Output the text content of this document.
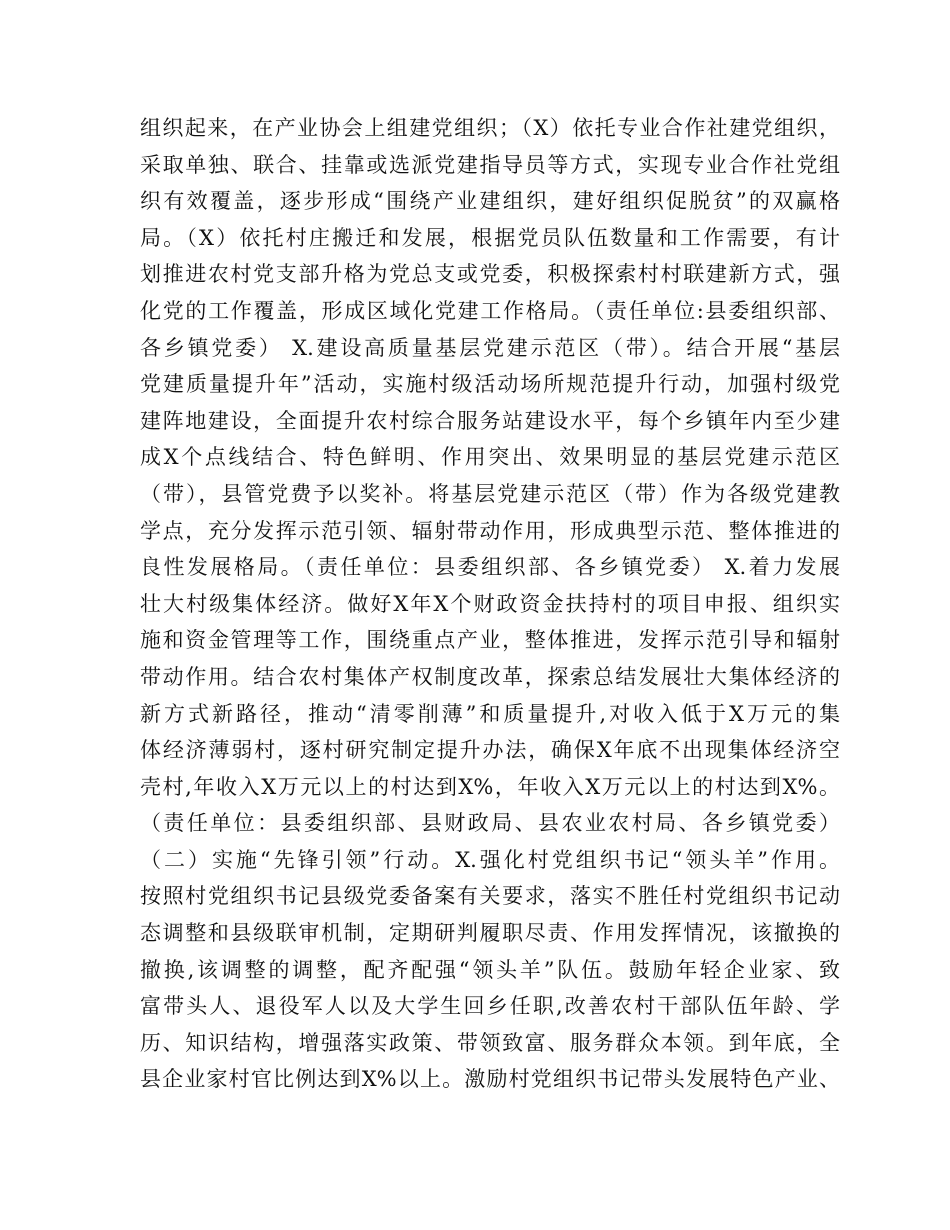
组织起来，在产业协会上组建党组织；（X）依托专业合作社建党组织，
采取单独、联合、挂靠或选派党建指导员等方式，实现专业合作社党组
织有效覆盖，逐步形成“围绕产业建组织，建好组织促脱贫”的双赢格
局。（X）依托村庄搬迁和发展，根据党员队伍数量和工作需要，有计
划推进农村党支部升格为党总支或党委，积极探索村村联建新方式，强
化党的工作覆盖，形成区域化党建工作格局。（责任单位:县委组织部、
各乡镇党委） X.建设高质量基层党建示范区（带）。结合开展“基层
党建质量提升年”活动，实施村级活动场所规范提升行动，加强村级党
建阵地建设，全面提升农村综合服务站建设水平，每个乡镇年内至少建
成X个点线结合、特色鲜明、作用突出、效果明显的基层党建示范区
（带），县管党费予以奖补。将基层党建示范区（带）作为各级党建教
学点，充分发挥示范引领、辐射带动作用，形成典型示范、整体推进的
良性发展格局。（责任单位：县委组织部、各乡镇党委） X.着力发展
壮大村级集体经济。做好X年X个财政资金扶持村的项目申报、组织实
施和资金管理等工作，围绕重点产业，整体推进，发挥示范引导和辐射
带动作用。结合农村集体产权制度改革，探索总结发展壮大集体经济的
新方式新路径，推动“清零削薄”和质量提升,对收入低于X万元的集
体经济薄弱村，逐村研究制定提升办法，确保X年底不出现集体经济空
壳村,年收入X万元以上的村达到X%，年收入X万元以上的村达到X%。
（责任单位：县委组织部、县财政局、县农业农村局、各乡镇党委）
（二）实施“先锋引领”行动。X.强化村党组织书记“领头羊”作用。
按照村党组织书记县级党委备案有关要求，落实不胜任村党组织书记动
态调整和县级联审机制，定期研判履职尽责、作用发挥情况，该撤换的
撤换,该调整的调整，配齐配强“领头羊”队伍。鼓励年轻企业家、致
富带头人、退役军人以及大学生回乡任职,改善农村干部队伍年龄、学
历、知识结构，增强落实政策、带领致富、服务群众本领。到年底，全
县企业家村官比例达到X%以上。激励村党组织书记带头发展特色产业、
